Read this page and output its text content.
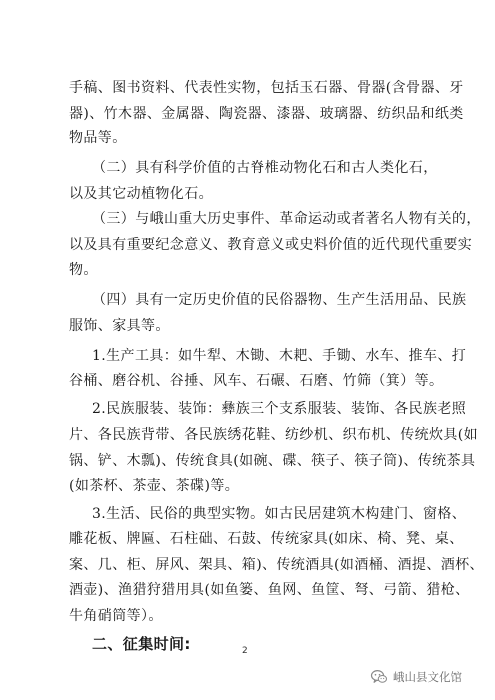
手稿、图书资料、代表性实物，包括玉石器、骨器(含骨器、牙
器)、竹木器、金属器、陶瓷器、漆器、玻璃器、纺织品和纸类
物品等。
（二）具有科学价值的古脊椎动物化石和古人类化石，
以及其它动植物化石。
（三）与峨山重大历史事件、革命运动或者著名人物有关的，
以及具有重要纪念意义、教育意义或史料价值的近代现代重要实
物。
（四）具有一定历史价值的民俗器物、生产生活用品、民族
服饰、家具等。
1.生产工具：如牛犁、木锄、木耙、手锄、水车、推车、打
谷桶、磨谷机、谷捶、风车、石碾、石磨、竹筛（箕）等。
2.民族服装、装饰：彝族三个支系服装、装饰、各民族老照
片、各民族背带、各民族绣花鞋、纺纱机、织布机、传统炊具(如
锅、铲、木瓢)、传统食具(如碗、碟、筷子、筷子筒)、传统茶具
(如茶杯、茶壶、茶碟)等。
3.生活、民俗的典型实物。如古民居建筑木构建门、窗格、
雕花板、牌匾、石柱础、石鼓、传统家具(如床、椅、凳、桌、
案、几、柜、屏风、架具、箱)、传统酒具(如酒桶、酒提、酒杯、
酒壶)、渔猎狩猎用具(如鱼篓、鱼网、鱼筐、弩、弓箭、猎枪、
牛角硝筒等）。
二、征集时间:	2
峨山县文化馆
